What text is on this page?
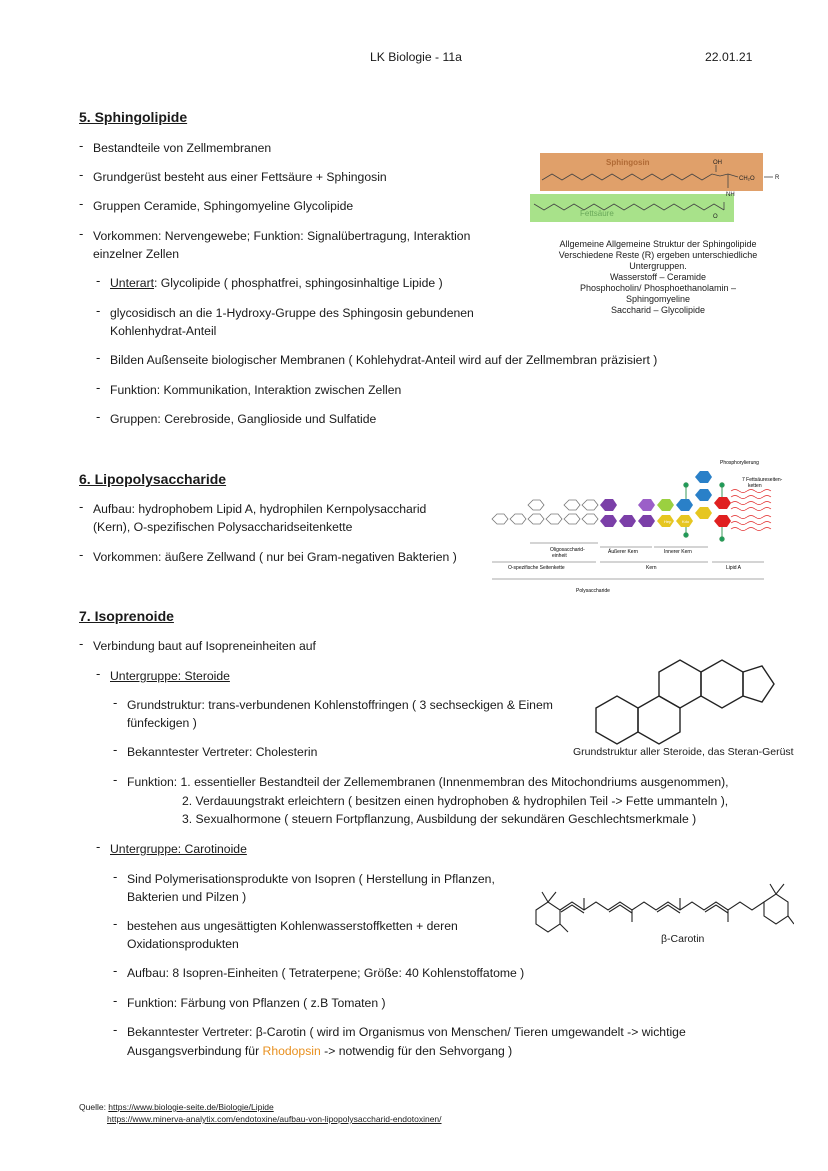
LK Biologie - 11a	22.01.21
5. Sphingolipide
- Bestandteile von Zellmembranen
- Grundgerüst besteht aus einer Fettsäure + Sphingosin
- Gruppen Ceramide, Sphingomyeline Glycolipide
- Vorkommen: Nervengewebe; Funktion: Signalübertragung, Interaktion
einzelner Zellen
- Unterart: Glycolipide ( phosphatfrei, sphingosinhaltige Lipide )
- glycosidisch an die 1-Hydroxy-Gruppe des Sphingosin gebundenen
Kohlenhydrat-Anteil
- Bilden Außenseite biologischer Membranen ( Kohlehydrat-Anteil wird auf der Zellmembran präzisiert )
- Funktion: Kommunikation, Interaktion zwischen Zellen
- Gruppen: Cerebroside, Ganglioside und Sulfatide
Sphingosin	OH
CH₂O	R
NH
Fettsäure	O
Allgemeine Allgemeine Struktur der Sphingolipide
Verschiedene Reste (R) ergeben unterschiedliche
Untergruppen.
Wasserstoff – Ceramide
Phosphocholin/ Phosphoethanolamin –
Sphingomyeline
Saccharid – Glycolipide
6. Lipopolysaccharide
- Aufbau: hydrophobem Lipid A, hydrophilen Kernpolysaccharid
(Kern), O-spezifischen Polysaccharidseitenkette
- Vorkommen: äußere Zellwand ( nur bei Gram-negativen Bakterien )
Hep	Kdo
Phosphorylierung
7 Fettsäureseiten-
ketten
Oligosaccharid-
einheit
Äußerer Kern	Innerer Kern
O-spezifische Seitenkette	Kern	Lipid A
Polysaccharide
7. Isoprenoide
- Verbindung baut auf Isopreneinheiten auf
- Untergruppe: Steroide
- Grundstruktur: trans-verbundenen Kohlenstoffringen ( 3 sechseckigen & Einem
fünfeckigen )
- Bekanntester Vertreter: Cholesterin
- Funktion: 1. essentieller Bestandteil der Zellemembranen (Innenmembran des Mitochondriums ausgenommen),
2. Verdauungstrakt erleichtern ( besitzen einen hydrophoben & hydrophilen Teil -> Fette ummanteln ),
3. Sexualhormone ( steuern Fortpflanzung, Ausbildung der sekundären Geschlechtsmerkmale )
Grundstruktur aller Steroide, das Steran-Gerüst
- Untergruppe: Carotinoide
- Sind Polymerisationsprodukte von Isopren ( Herstellung in Pflanzen,
Bakterien und Pilzen )
- bestehen aus ungesättigten Kohlenwasserstoffketten + deren
Oxidationsprodukten
- Aufbau: 8 Isopren-Einheiten ( Tetraterpene; Größe: 40 Kohlenstoffatome )
- Funktion: Färbung von Pflanzen ( z.B Tomaten )
- Bekanntester Vertreter: β-Carotin ( wird im Organismus von Menschen/ Tieren umgewandelt -> wichtige
Ausgangsverbindung für Rhodopsin -> notwendig für den Sehvorgang )
β-Carotin
Quelle: https://www.biologie-seite.de/Biologie/Lipide
https://www.minerva-analytix.com/endotoxine/aufbau-von-lipopolysaccharid-endotoxinen/
